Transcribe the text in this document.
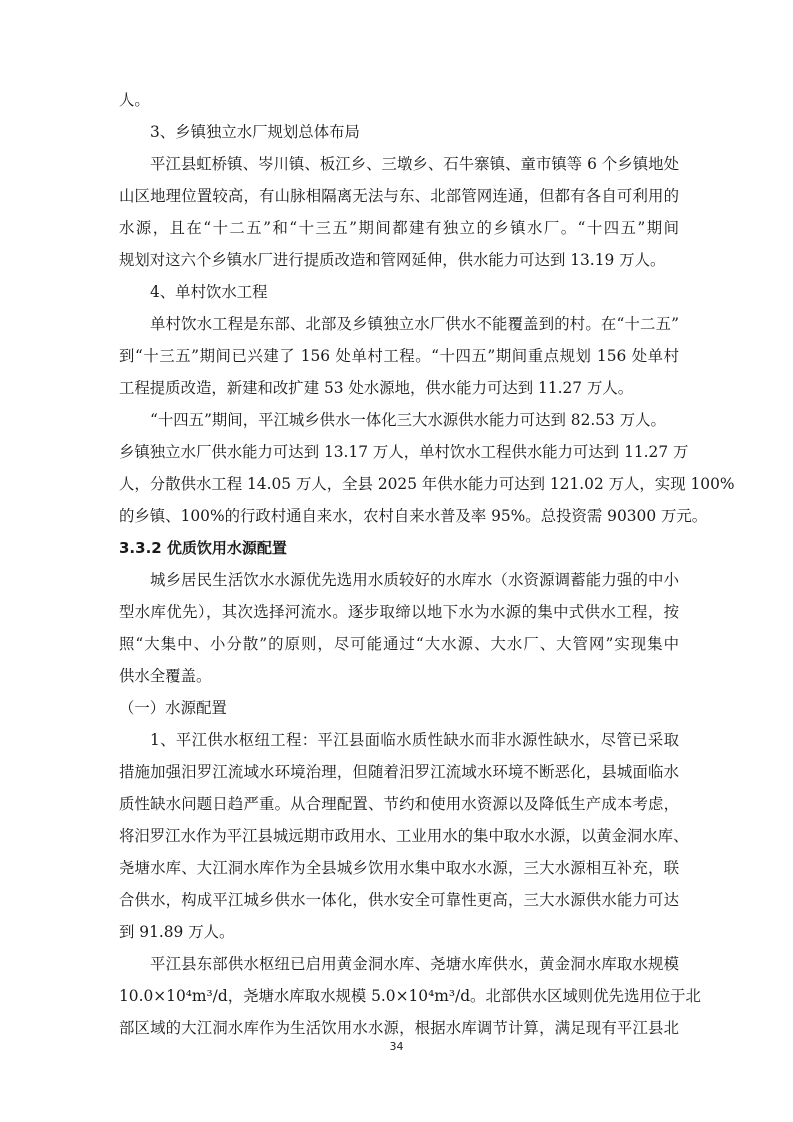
人。
3、乡镇独立水厂规划总体布局
平江县虹桥镇、岑川镇、板江乡、三墩乡、石牛寨镇、童市镇等 6 个乡镇地处
山区地理位置较高，有山脉相隔离无法与东、北部管网连通，但都有各自可利用的
水源，且在“十二五”和“十三五”期间都建有独立的乡镇水厂。“十四五”期间
规划对这六个乡镇水厂进行提质改造和管网延伸，供水能力可达到 13.19 万人。
4、单村饮水工程
单村饮水工程是东部、北部及乡镇独立水厂供水不能覆盖到的村。在“十二五”
到“十三五”期间已兴建了 156 处单村工程。“十四五”期间重点规划 156 处单村
工程提质改造，新建和改扩建 53 处水源地，供水能力可达到 11.27 万人。
“十四五”期间，平江城乡供水一体化三大水源供水能力可达到 82.53 万人。
乡镇独立水厂供水能力可达到 13.17 万人，单村饮水工程供水能力可达到 11.27 万
人，分散供水工程 14.05 万人，全县 2025 年供水能力可达到 121.02 万人，实现 100%
的乡镇、100%的行政村通自来水，农村自来水普及率 95%。总投资需 90300 万元。
3.3.2 优质饮用水源配置
城乡居民生活饮水水源优先选用水质较好的水库水（水资源调蓄能力强的中小
型水库优先），其次选择河流水。逐步取缔以地下水为水源的集中式供水工程，按
照“大集中、小分散”的原则，尽可能通过“大水源、大水厂、大管网”实现集中
供水全覆盖。
（一）水源配置
1、平江供水枢纽工程：平江县面临水质性缺水而非水源性缺水，尽管已采取
措施加强汨罗江流域水环境治理，但随着汨罗江流域水环境不断恶化，县城面临水
质性缺水问题日趋严重。从合理配置、节约和使用水资源以及降低生产成本考虑，
将汨罗江水作为平江县城远期市政用水、工业用水的集中取水水源，以黄金洞水库、
尧塘水库、大江洞水库作为全县城乡饮用水集中取水水源，三大水源相互补充，联
合供水，构成平江城乡供水一体化，供水安全可靠性更高，三大水源供水能力可达
到 91.89 万人。
平江县东部供水枢纽已启用黄金洞水库、尧塘水库供水，黄金洞水库取水规模
10.0×10⁴m³/d，尧塘水库取水规模 5.0×10⁴m³/d。北部供水区域则优先选用位于北
部区域的大江洞水库作为生活饮用水水源，根据水库调节计算，满足现有平江县北
34
